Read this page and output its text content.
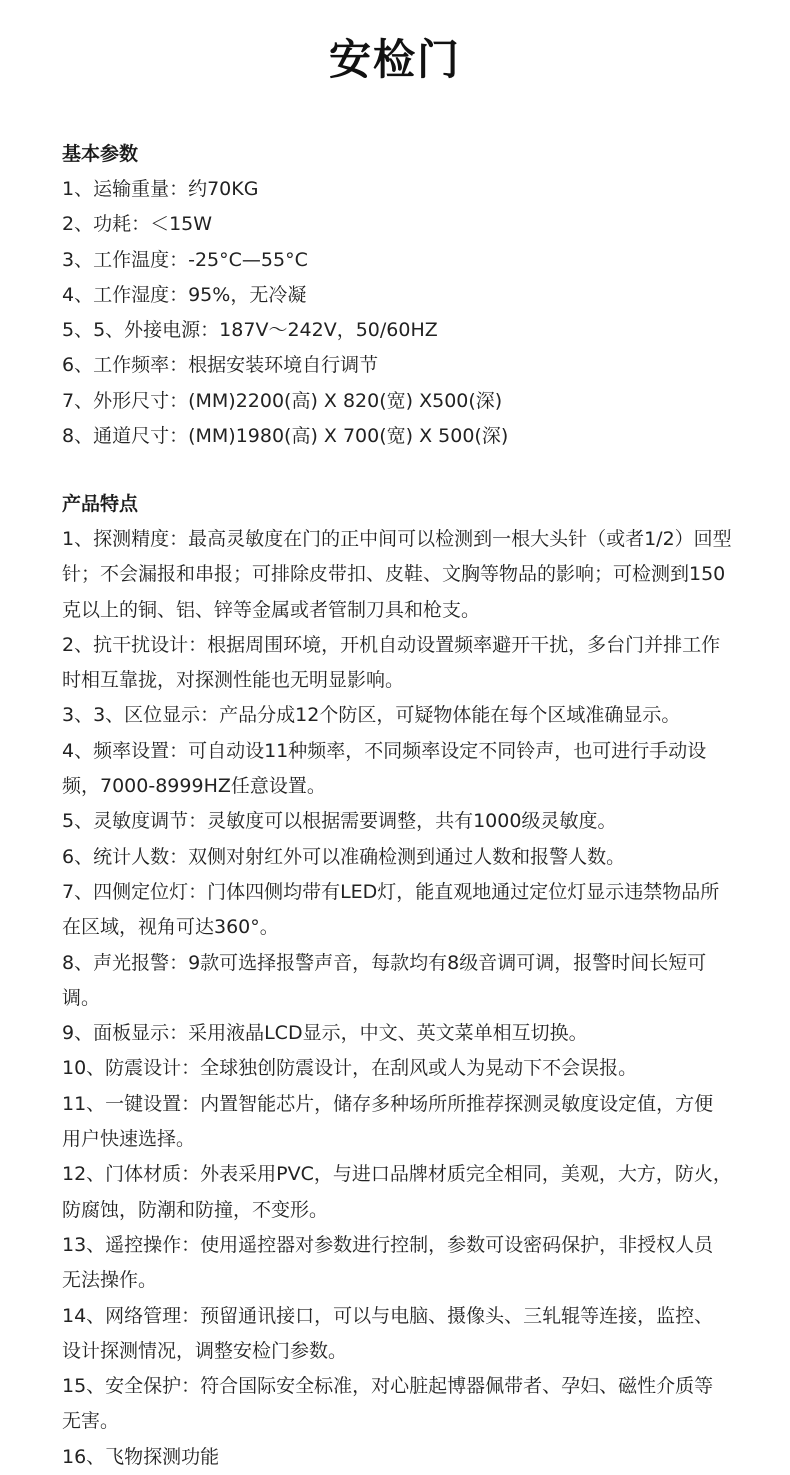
安检门
基本参数
1、运输重量：约70KG
2、功耗：＜15W
3、工作温度：-25°C—55°C
4、工作湿度：95%，无冷凝
5、5、外接电源：187V～242V，50/60HZ
6、工作频率：根据安装环境自行调节
7、外形尺寸：(MM)2200(高) X 820(宽) X500(深)
8、通道尺寸：(MM)1980(高) X 700(宽) X 500(深)
产品特点
1、探测精度：最高灵敏度在门的正中间可以检测到一根大头针（或者1/2）回型针；不会漏报和串报；可排除皮带扣、皮鞋、文胸等物品的影响；可检测到150克以上的铜、铝、锌等金属或者管制刀具和枪支。
2、抗干扰设计：根据周围环境，开机自动设置频率避开干扰，多台门并排工作时相互靠拢，对探测性能也无明显影响。
3、3、区位显示：产品分成12个防区，可疑物体能在每个区域准确显示。
4、频率设置：可自动设11种频率，不同频率设定不同铃声，也可进行手动设频，7000-8999HZ任意设置。
5、灵敏度调节：灵敏度可以根据需要调整，共有1000级灵敏度。
6、统计人数：双侧对射红外可以准确检测到通过人数和报警人数。
7、四侧定位灯：门体四侧均带有LED灯，能直观地通过定位灯显示违禁物品所在区域，视角可达360°。
8、声光报警：9款可选择报警声音，每款均有8级音调可调，报警时间长短可调。
9、面板显示：采用液晶LCD显示，中文、英文菜单相互切换。
10、防震设计：全球独创防震设计，在刮风或人为晃动下不会误报。
11、一键设置：内置智能芯片，储存多种场所所推荐探测灵敏度设定值，方便用户快速选择。
12、门体材质：外表采用PVC，与进口品牌材质完全相同，美观，大方，防火，防腐蚀，防潮和防撞，不变形。
13、遥控操作：使用遥控器对参数进行控制，参数可设密码保护，非授权人员无法操作。
14、网络管理：预留通讯接口，可以与电脑、摄像头、三轧辊等连接，监控、设计探测情况，调整安检门参数。
15、安全保护：符合国际安全标准，对心脏起博器佩带者、孕妇、磁性介质等无害。
16、飞物探测功能
